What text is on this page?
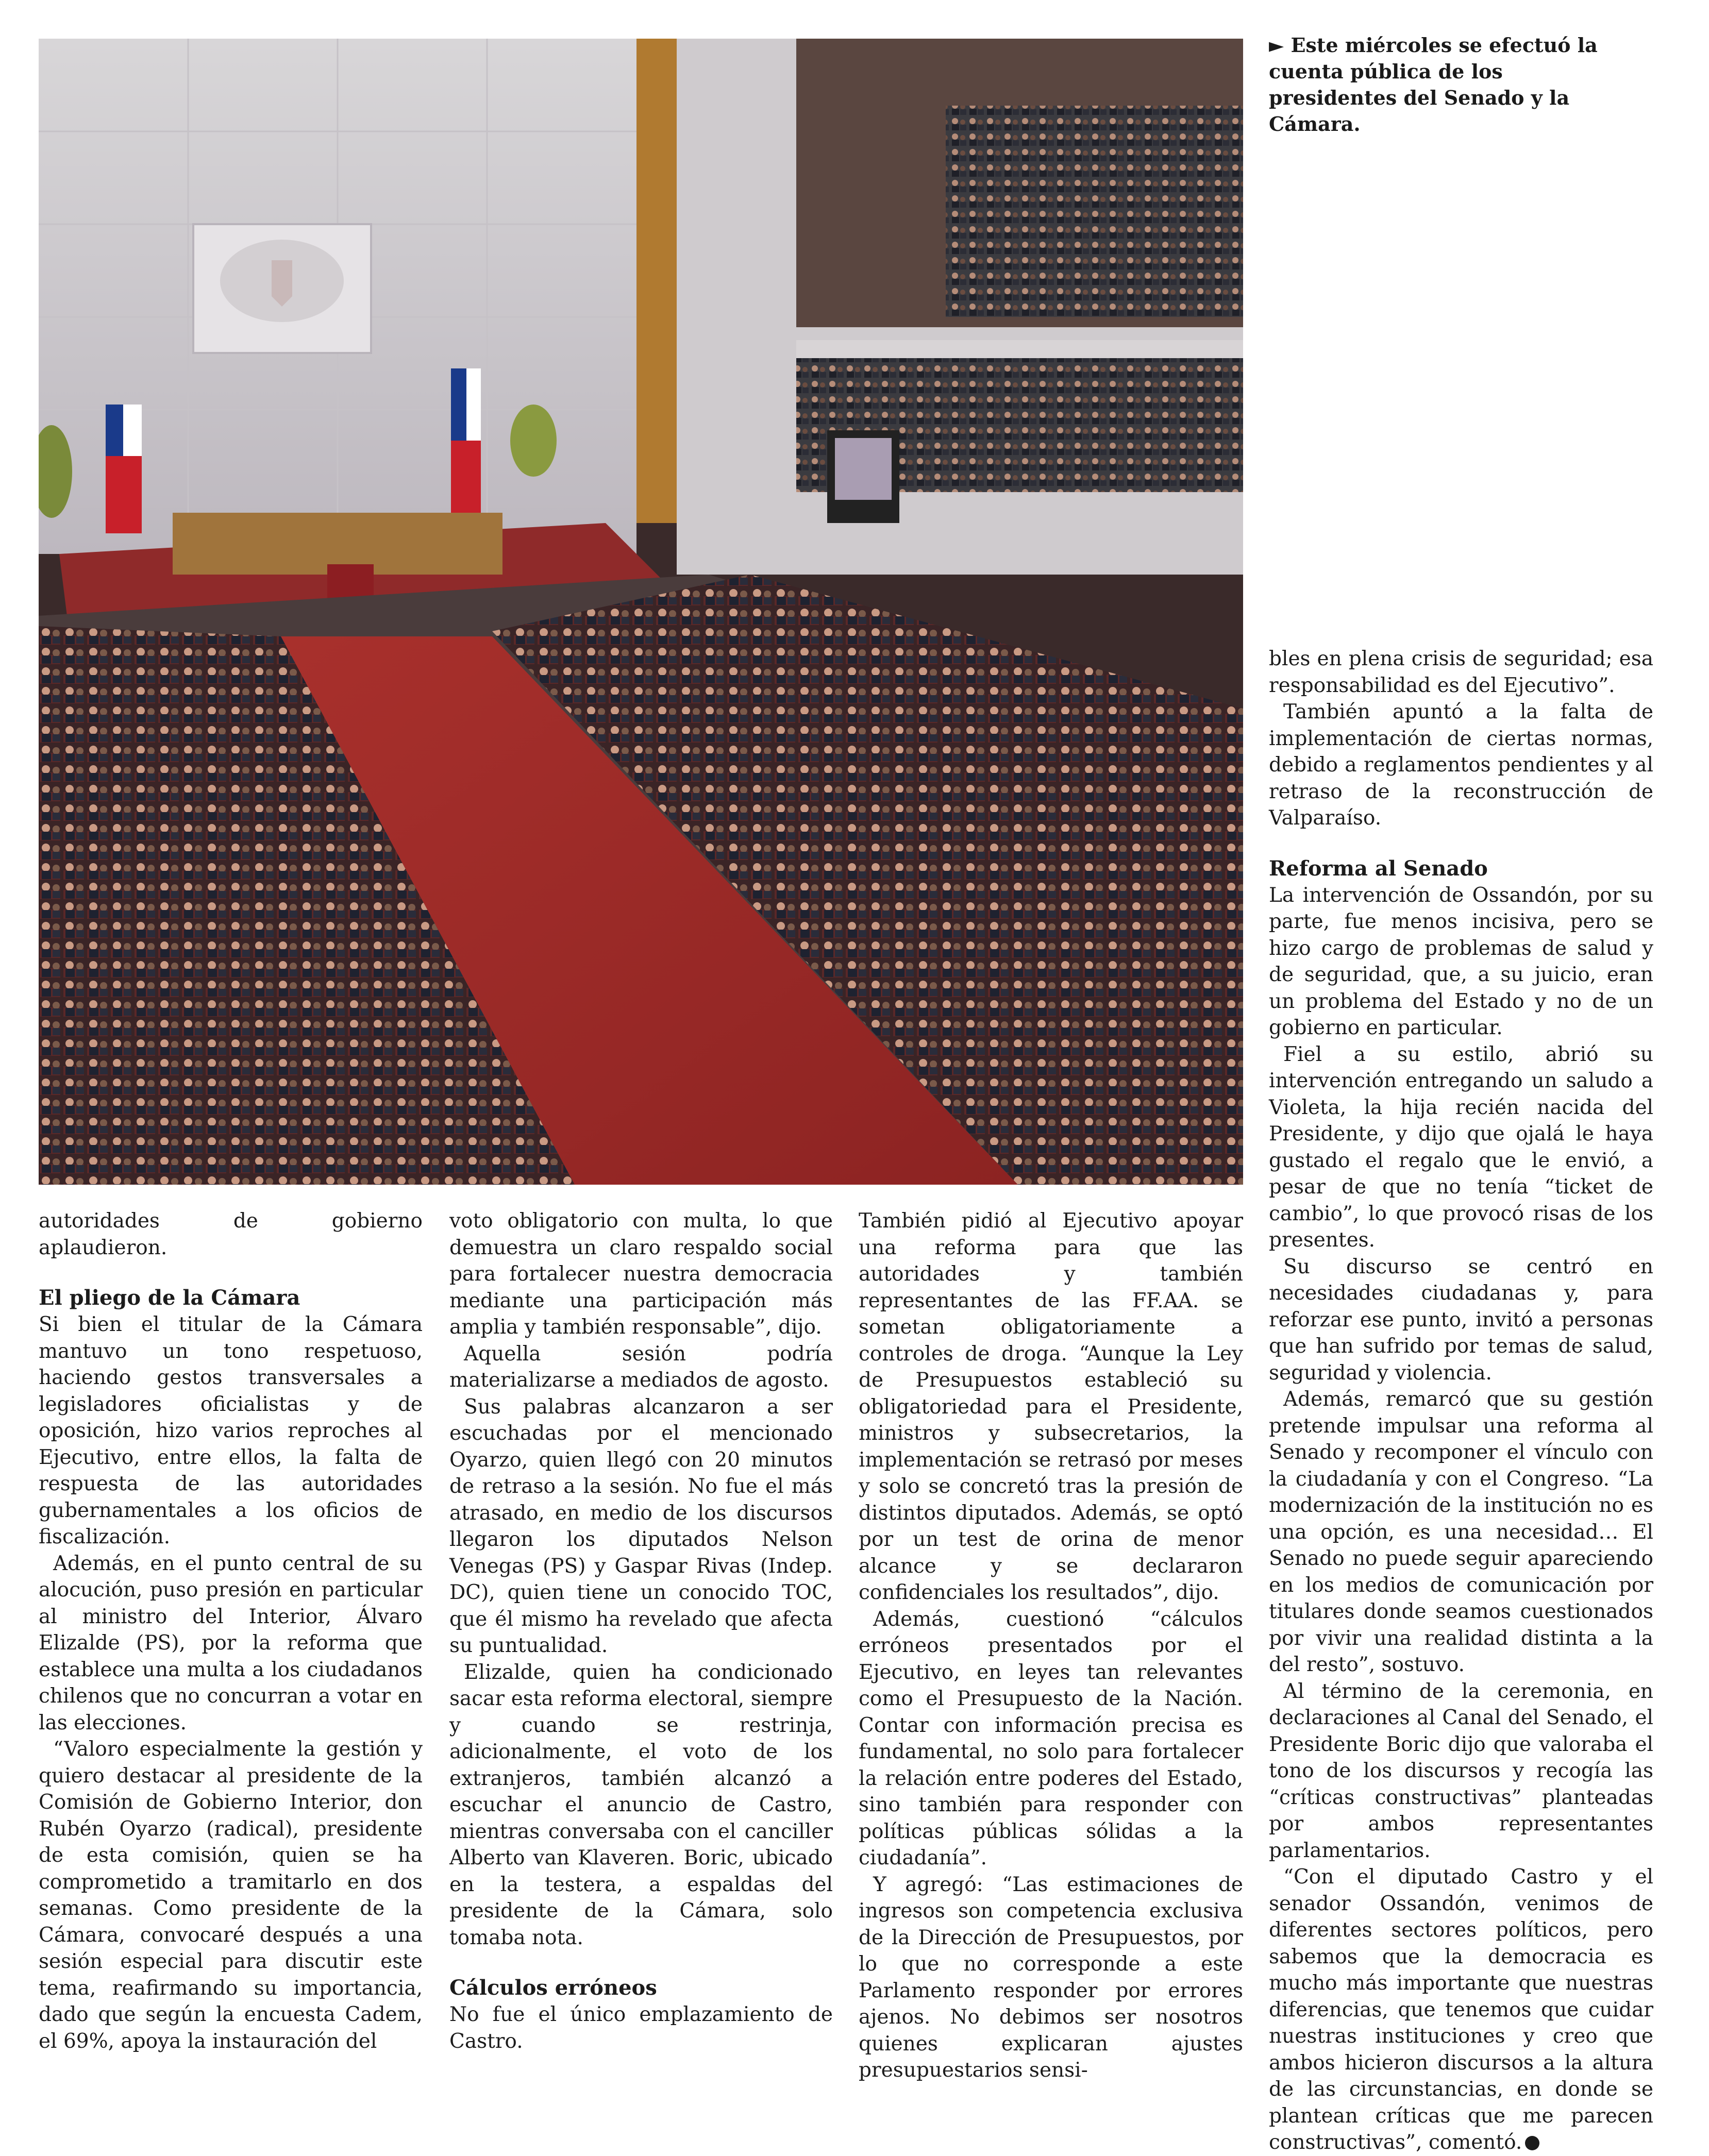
► Este miércoles se efectuó la cuenta pública de los presidentes del Senado y la Cámara.

autoridades de gobierno aplaudieron.

El pliego de la Cámara

Si bien el titular de la Cámara mantuvo un tono respetuoso, haciendo gestos transversales a legisladores oficialistas y de oposición, hizo varios reproches al Ejecutivo, entre ellos, la falta de respuesta de las autoridades gubernamentales a los oficios de fiscalización.

Además, en el punto central de su alocución, puso presión en particular al ministro del Interior, Álvaro Elizalde (PS), por la reforma que establece una multa a los ciudadanos chilenos que no concurran a votar en las elecciones.

“Valoro especialmente la gestión y quiero destacar al presidente de la Comisión de Gobierno Interior, don Rubén Oyarzo (radical), presidente de esta comisión, quien se ha comprometido a tramitarlo en dos semanas. Como presidente de la Cámara, convocaré después a una sesión especial para discutir este tema, reafirmando su importancia, dado que según la encuesta Cadem, el 69%, apoya la instauración del

voto obligatorio con multa, lo que demuestra un claro respaldo social para fortalecer nuestra democracia mediante una participación más amplia y también responsable”, dijo.

Aquella sesión podría materializarse a mediados de agosto.

Sus palabras alcanzaron a ser escuchadas por el mencionado Oyarzo, quien llegó con 20 minutos de retraso a la sesión. No fue el más atrasado, en medio de los discursos llegaron los diputados Nelson Venegas (PS) y Gaspar Rivas (Indep. DC), quien tiene un conocido TOC, que él mismo ha revelado que afecta su puntualidad.

Elizalde, quien ha condicionado sacar esta reforma electoral, siempre y cuando se restrinja, adicionalmente, el voto de los extranjeros, también alcanzó a escuchar el anuncio de Castro, mientras conversaba con el canciller Alberto van Klaveren. Boric, ubicado en la testera, a espaldas del presidente de la Cámara, solo tomaba nota.

Cálculos erróneos

No fue el único emplazamiento de Castro.

También pidió al Ejecutivo apoyar una reforma para que las autoridades y también representantes de las FF.AA. se sometan obligatoriamente a controles de droga. “Aunque la Ley de Presupuestos estableció su obligatoriedad para el Presidente, ministros y subsecretarios, la implementación se retrasó por meses y solo se concretó tras la presión de distintos diputados. Además, se optó por un test de orina de menor alcance y se declararon confidenciales los resultados”, dijo.

Además, cuestionó “cálculos erróneos presentados por el Ejecutivo, en leyes tan relevantes como el Presupuesto de la Nación. Contar con información precisa es fundamental, no solo para fortalecer la relación entre poderes del Estado, sino también para responder con políticas públicas sólidas a la ciudadanía”.

Y agregó: “Las estimaciones de ingresos son competencia exclusiva de la Dirección de Presupuestos, por lo que no corresponde a este Parlamento responder por errores ajenos. No debimos ser nosotros quienes explicaran ajustes presupuestarios sensi-

bles en plena crisis de seguridad; esa responsabilidad es del Ejecutivo”.

También apuntó a la falta de implementación de ciertas normas, debido a reglamentos pendientes y al retraso de la reconstrucción de Valparaíso.

Reforma al Senado

La intervención de Ossandón, por su parte, fue menos incisiva, pero se hizo cargo de problemas de salud y de seguridad, que, a su juicio, eran un problema del Estado y no de un gobierno en particular.

Fiel a su estilo, abrió su intervención entregando un saludo a Violeta, la hija recién nacida del Presidente, y dijo que ojalá le haya gustado el regalo que le envió, a pesar de que no tenía “ticket de cambio”, lo que provocó risas de los presentes.

Su discurso se centró en necesidades ciudadanas y, para reforzar ese punto, invitó a personas que han sufrido por temas de salud, seguridad y violencia.

Además, remarcó que su gestión pretende impulsar una reforma al Senado y recomponer el vínculo con la ciudadanía y con el Congreso. “La modernización de la institución no es una opción, es una necesidad… El Senado no puede seguir apareciendo en los medios de comunicación por titulares donde seamos cuestionados por vivir una realidad distinta a la del resto”, sostuvo.

Al término de la ceremonia, en declaraciones al Canal del Senado, el Presidente Boric dijo que valoraba el tono de los discursos y recogía las “críticas constructivas” planteadas por ambos representantes parlamentarios.

“Con el diputado Castro y el senador Ossandón, venimos de diferentes sectores políticos, pero sabemos que la democracia es mucho más importante que nuestras diferencias, que tenemos que cuidar nuestras instituciones y creo que ambos hicieron discursos a la altura de las circunstancias, en donde se plantean críticas que me parecen constructivas”, comentó.
